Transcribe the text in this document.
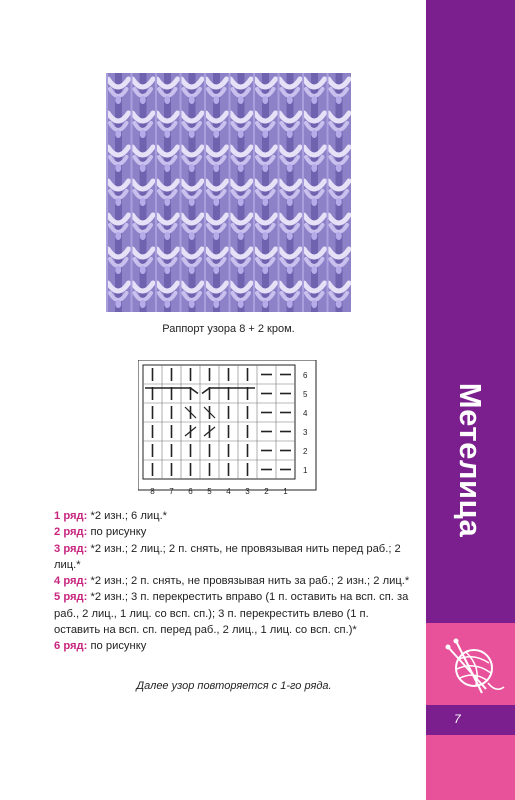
Раппорт узора 8 + 2 кром.
6
5
4
3
2
1
8 7 6 5 4 3 2 1

1 ряд: *2 изн.; 6 лиц.*

2 ряд: по рисунку

3 ряд: *2 изн.; 2 лиц.; 2 п. снять, не провязывая нить перед раб.; 2 лиц.*

4 ряд: *2 изн.; 2 п. снять, не провязывая нить за раб.; 2 изн.; 2 лиц.*

5 ряд: *2 изн.; 3 п. перекрестить вправо (1 п. оставить на всп. сп. за раб., 2 лиц., 1 лиц. со всп. сп.); 3 п. перекрестить влево (1 п. оставить на всп. сп. перед раб., 2 лиц., 1 лиц. со всп. сп.)*

6 ряд: по рисунку

Далее узор повторяется с 1-го ряда.
Метелица
7
